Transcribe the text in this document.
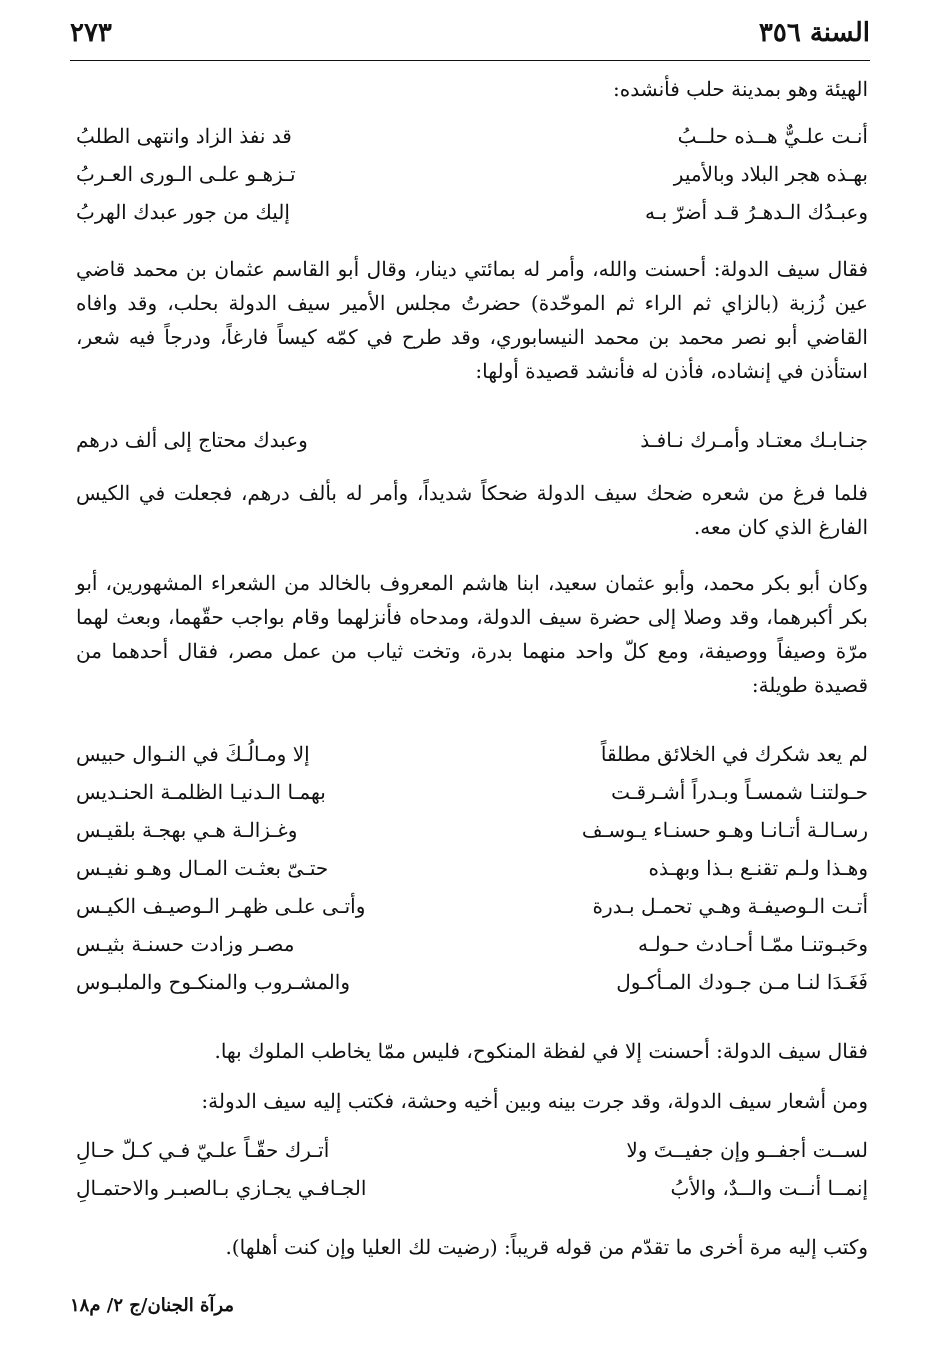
السنة ٣٥٦
٢٧٣
الهيئة وهو بمدينة حلب فأنشده:
أنـت علـيٌّ هــذه حلــبُ
قد نفذ الزاد وانتهى الطلبُ
بهـذه هجر البلاد وبالأمير
تـزهـو علـى الـورى العـربُ
وعبـدُك الـدهـرُ قـد أضرّ بـه
إليك من جور عبدك الهربُ
فقال سيف الدولة: أحسنت والله، وأمر له بمائتي دينار، وقال أبو القاسم عثمان بن محمد قاضي عين زُزبة (بالزاي ثم الراء ثم الموحّدة) حضرتُ مجلس الأمير سيف الدولة بحلب، وقد وافاه القاضي أبو نصر محمد بن محمد النيسابوري، وقد طرح في كمّه كيساً فارغاً، ودرجاً فيه شعر، استأذن في إنشاده، فأذن له فأنشد قصيدة أولها:
جنـابـك معتـاد وأمـرك نـافـذ
وعبدك محتاج إلى ألف درهم
فلما فرغ من شعره ضحك سيف الدولة ضحكاً شديداً، وأمر له بألف درهم، فجعلت في الكيس الفارغ الذي كان معه.
وكان أبو بكر محمد، وأبو عثمان سعيد، ابنا هاشم المعروف بالخالد من الشعراء المشهورين، أبو بكر أكبرهما، وقد وصلا إلى حضرة سيف الدولة، ومدحاه فأنزلهما وقام بواجب حقّهما، وبعث لهما مرّة وصيفاً ووصيفة، ومع كلّ واحد منهما بدرة، وتخت ثياب من عمل مصر، فقال أحدهما من قصيدة طويلة:
لم يعد شكرك في الخلائق مطلقاً
إلا ومـالُـكَ في النـوال حبيس
حـولتنـا شمسـاً وبـدراً أشـرقـت
بهمـا الـدنيـا الظلمـة الحنـديس
رسـالـة أتـانـا وهـو حسنـاء يـوسـف
وغـزالـة هـي بهجـة بلقيـس
وهـذا ولـم تقنـع بـذا وبهـذه
حتـىّ بعثـت المـال وهـو نفيـس
أتـت الـوصيفـة وهـي تحمـل بـدرة
وأتـى علـى ظهـر الـوصيـف الكيـس
وحَبـوتنـا ممّـا أحـادث حـولـه
مصـر وزادت حسنـة بثيـس
فَغَـدَا لنـا مـن جـودك المـأكـول
والمشـروب والمنكـوح والملبـوس
فقال سيف الدولة: أحسنت إلا في لفظة المنكوح، فليس ممّا يخاطب الملوك بها.
ومن أشعار سيف الدولة، وقد جرت بينه وبين أخيه وحشة، فكتب إليه سيف الدولة:
لســت أجفــو وإن جفيــتَ ولا
أتـرك حقّـاً علـيّ فـي كـلّ حـالِ
إنمــا أنــت والــدٌ، والأبُ
الجـافـي يجـازي بـالصبـر والاحتمـالِ
وكتب إليه مرة أخرى ما تقدّم من قوله قريباً: (رضيت لك العليا وإن كنت أهلها).
مرآة الجنان/ج ٢/ م١٨
